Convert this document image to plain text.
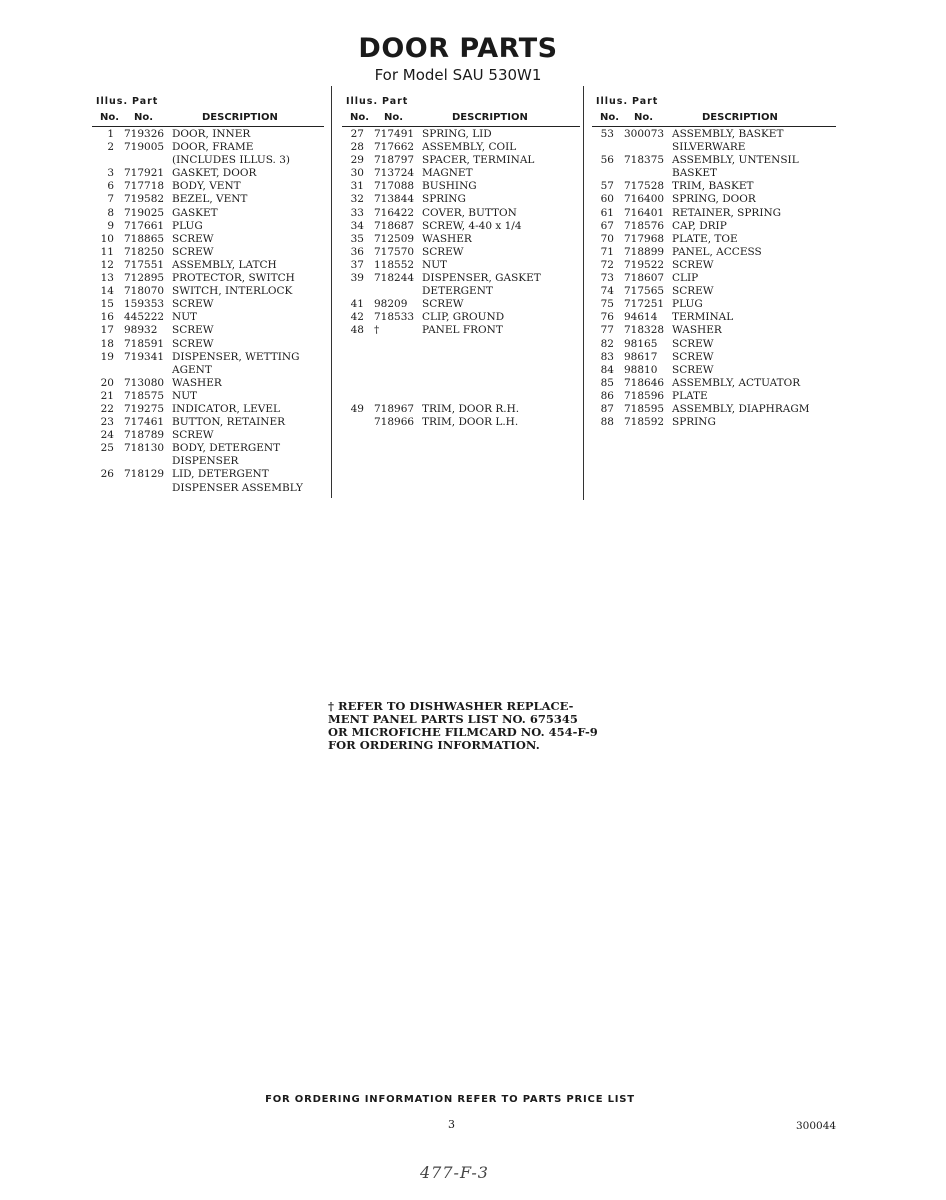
DOOR PARTS
For Model SAU 530W1
Illus. Part
No. No.	DESCRIPTION
1 719326 DOOR, INNER
2 719005 DOOR, FRAME
(INCLUDES ILLUS. 3)
3 717921 GASKET, DOOR
6 717718 BODY, VENT
7 719582 BEZEL, VENT
8 719025 GASKET
9 717661 PLUG
10 718865 SCREW
11 718250 SCREW
12 717551 ASSEMBLY, LATCH
13 712895 PROTECTOR, SWITCH
14 718070 SWITCH, INTERLOCK
15 159353 SCREW
16 445222 NUT
17 98932 SCREW
18 718591 SCREW
19 719341 DISPENSER, WETTING
AGENT
20 713080 WASHER
21 718575 NUT
22 719275 INDICATOR, LEVEL
23 717461 BUTTON, RETAINER
24 718789 SCREW
25 718130 BODY, DETERGENT
DISPENSER
26 718129 LID, DETERGENT
DISPENSER ASSEMBLY
Illus. Part
No. No.	DESCRIPTION
27 717491 SPRING, LID
28 717662 ASSEMBLY, COIL
29 718797 SPACER, TERMINAL
30 713724 MAGNET
31 717088 BUSHING
32 713844 SPRING
33 716422 COVER, BUTTON
34 718687 SCREW, 4-40 x 1/4
35 712509 WASHER
36 717570 SCREW
37 118552 NUT
39 718244 DISPENSER, GASKET
DETERGENT
41 98209 SCREW
42 718533 CLIP, GROUND
48 †	PANEL FRONT
49 718967 TRIM, DOOR R.H.
718966 TRIM, DOOR L.H.
Illus. Part
No. No.	DESCRIPTION
53 300073 ASSEMBLY, BASKET
SILVERWARE
56 718375 ASSEMBLY, UNTENSIL
BASKET
57 717528 TRIM, BASKET
60 716400 SPRING, DOOR
61 716401 RETAINER, SPRING
67 718576 CAP, DRIP
70 717968 PLATE, TOE
71 718899 PANEL, ACCESS
72 719522 SCREW
73 718607 CLIP
74 717565 SCREW
75 717251 PLUG
76 94614 TERMINAL
77 718328 WASHER
82 98165 SCREW
83 98617 SCREW
84 98810 SCREW
85 718646 ASSEMBLY, ACTUATOR
86 718596 PLATE
87 718595 ASSEMBLY, DIAPHRAGM
88 718592 SPRING
† REFER TO DISHWASHER REPLACE-
MENT PANEL PARTS LIST NO. 675345
OR MICROFICHE FILMCARD NO. 454-F-9
FOR ORDERING INFORMATION.
FOR ORDERING INFORMATION REFER TO PARTS PRICE LIST
3	300044
477-F-3
